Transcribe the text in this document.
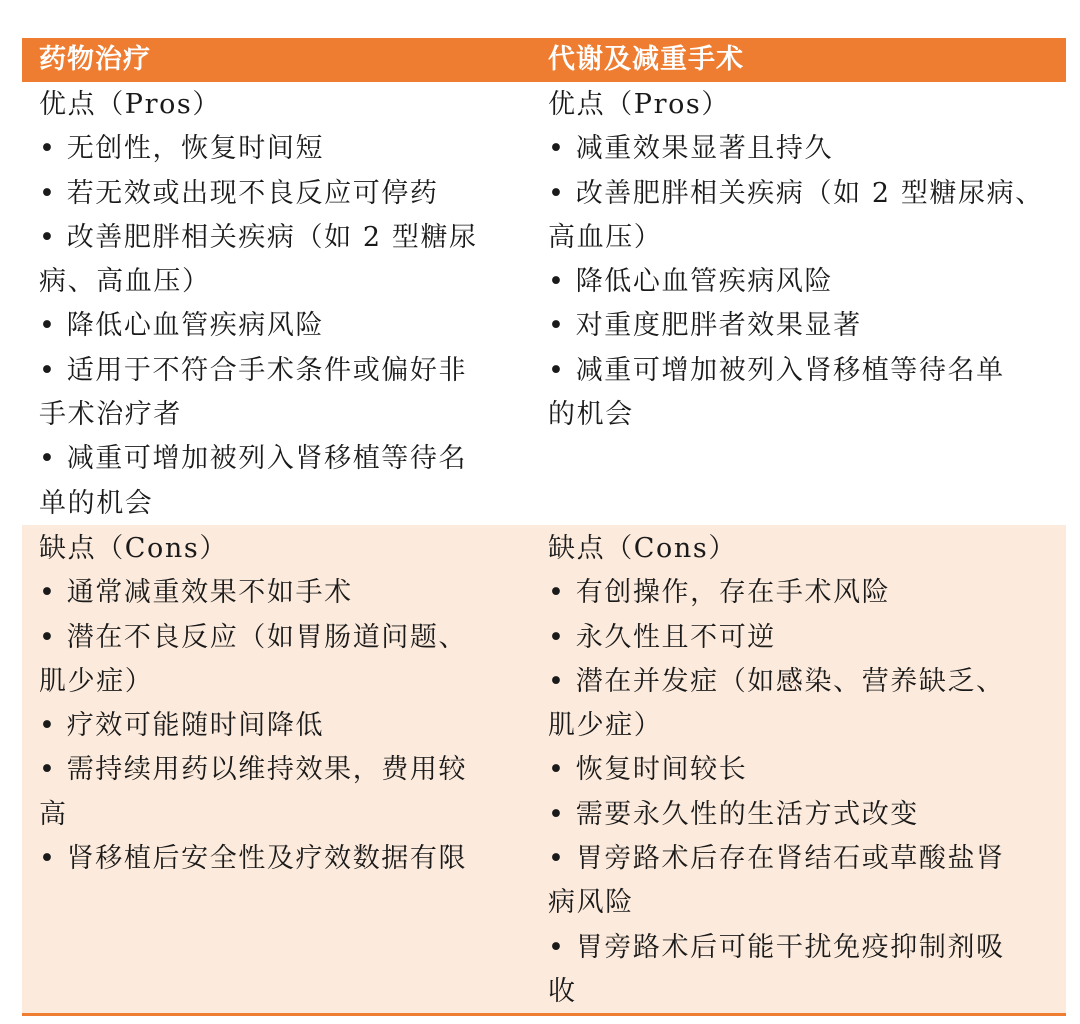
药物治疗	代谢及减重手术

优点（Pros）

• 无创性，恢复时间短

• 若无效或出现不良反应可停药

• 改善肥胖相关疾病（如 2 型糖尿

病、高血压）

• 降低心血管疾病风险

• 适用于不符合手术条件或偏好非

手术治疗者

• 减重可增加被列入肾移植等待名

单的机会

优点（Pros）

• 减重效果显著且持久

• 改善肥胖相关疾病（如 2 型糖尿病、

高血压）

• 降低心血管疾病风险

• 对重度肥胖者效果显著

• 减重可增加被列入肾移植等待名单

的机会

缺点（Cons）

• 通常减重效果不如手术

• 潜在不良反应（如胃肠道问题、

肌少症）

• 疗效可能随时间降低

• 需持续用药以维持效果，费用较

高

• 肾移植后安全性及疗效数据有限

缺点（Cons）

• 有创操作，存在手术风险

• 永久性且不可逆

• 潜在并发症（如感染、营养缺乏、

肌少症）

• 恢复时间较长

• 需要永久性的生活方式改变

• 胃旁路术后存在肾结石或草酸盐肾

病风险

• 胃旁路术后可能干扰免疫抑制剂吸

收
